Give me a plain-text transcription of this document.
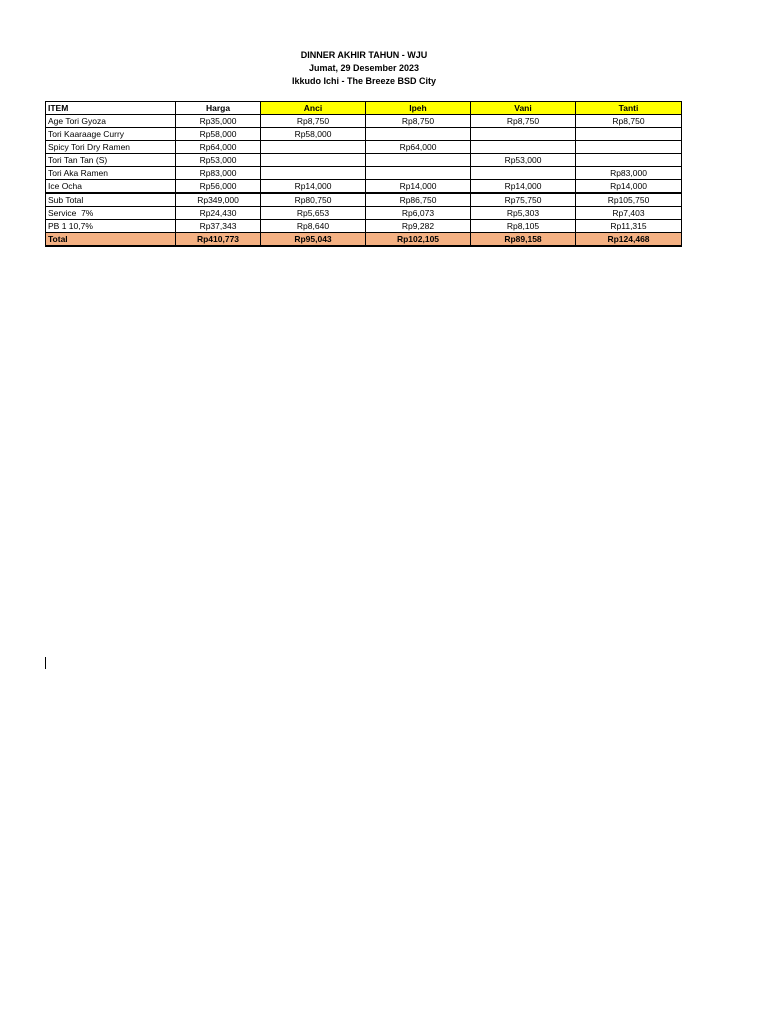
DINNER AKHIR TAHUN - WJU
Jumat, 29 Desember 2023
Ikkudo Ichi - The Breeze BSD City
ITEM	Harga	Anci	Ipeh	Vani	Tanti
Age Tori Gyoza	Rp35,000	Rp8,750	Rp8,750	Rp8,750	Rp8,750
Tori Kaaraage Curry	Rp58,000	Rp58,000			
Spicy Tori Dry Ramen	Rp64,000		Rp64,000		
Tori Tan Tan (S)	Rp53,000			Rp53,000	
Tori Aka Ramen	Rp83,000				Rp83,000
Ice Ocha	Rp56,000	Rp14,000	Rp14,000	Rp14,000	Rp14,000
Sub Total	Rp349,000	Rp80,750	Rp86,750	Rp75,750	Rp105,750
Service  7%	Rp24,430	Rp5,653	Rp6,073	Rp5,303	Rp7,403
PB 1 10,7%	Rp37,343	Rp8,640	Rp9,282	Rp8,105	Rp11,315
Total	Rp410,773	Rp95,043	Rp102,105	Rp89,158	Rp124,468
